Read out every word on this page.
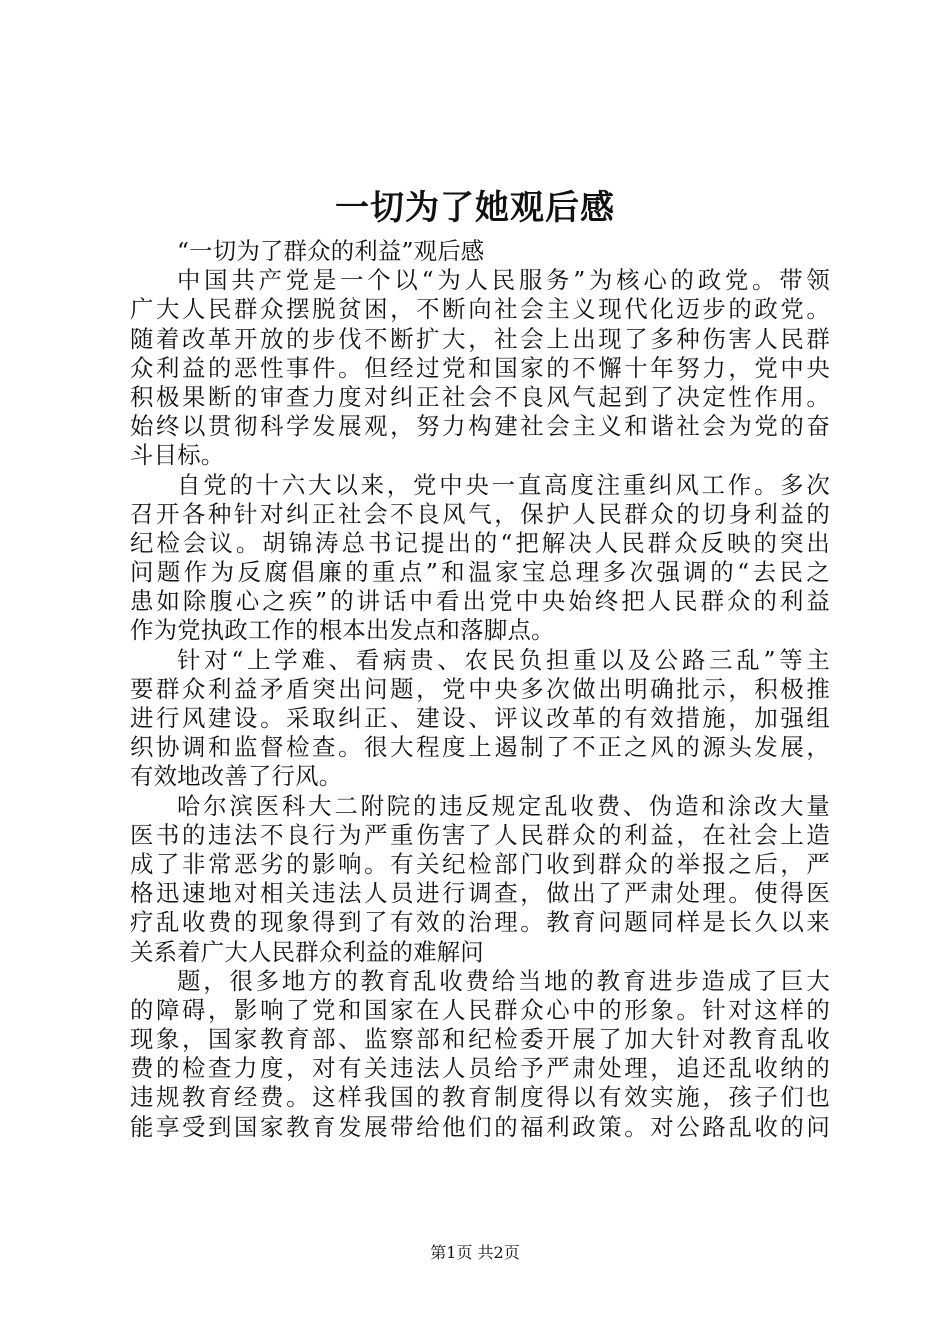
一切为了她观后感
“一切为了群众的利益”观后感
中国共产党是一个以“为人民服务”为核心的政党。带领
广大人民群众摆脱贫困，不断向社会主义现代化迈步的政党。
随着改革开放的步伐不断扩大，社会上出现了多种伤害人民群
众利益的恶性事件。但经过党和国家的不懈十年努力，党中央
积极果断的审查力度对纠正社会不良风气起到了决定性作用。
始终以贯彻科学发展观，努力构建社会主义和谐社会为党的奋
斗目标。
自党的十六大以来，党中央一直高度注重纠风工作。多次
召开各种针对纠正社会不良风气，保护人民群众的切身利益的
纪检会议。胡锦涛总书记提出的“把解决人民群众反映的突出
问题作为反腐倡廉的重点”和温家宝总理多次强调的“去民之
患如除腹心之疾”的讲话中看出党中央始终把人民群众的利益
作为党执政工作的根本出发点和落脚点。
针对“上学难、看病贵、农民负担重以及公路三乱”等主
要群众利益矛盾突出问题，党中央多次做出明确批示，积极推
进行风建设。采取纠正、建设、评议改革的有效措施，加强组
织协调和监督检查。很大程度上遏制了不正之风的源头发展，
有效地改善了行风。
哈尔滨医科大二附院的违反规定乱收费、伪造和涂改大量
医书的违法不良行为严重伤害了人民群众的利益，在社会上造
成了非常恶劣的影响。有关纪检部门收到群众的举报之后，严
格迅速地对相关违法人员进行调查，做出了严肃处理。使得医
疗乱收费的现象得到了有效的治理。教育问题同样是长久以来
关系着广大人民群众利益的难解问
题，很多地方的教育乱收费给当地的教育进步造成了巨大
的障碍，影响了党和国家在人民群众心中的形象。针对这样的
现象，国家教育部、监察部和纪检委开展了加大针对教育乱收
费的检查力度，对有关违法人员给予严肃处理，追还乱收纳的
违规教育经费。这样我国的教育制度得以有效实施，孩子们也
能享受到国家教育发展带给他们的福利政策。对公路乱收的问
第1页 共2页
